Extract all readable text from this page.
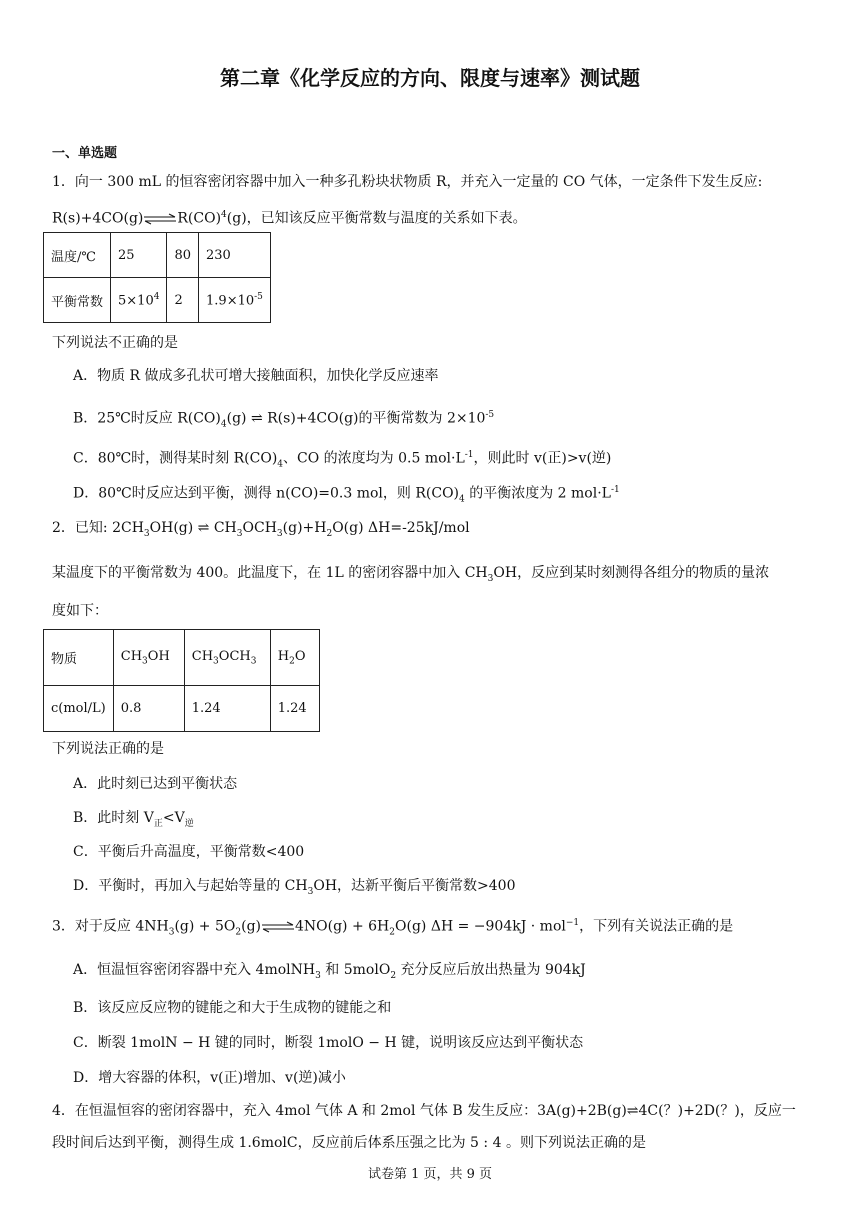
第二章《化学反应的方向、限度与速率》测试题
一、单选题
1．向一 300 mL 的恒容密闭容器中加入一种多孔粉块状物质 R，并充入一定量的 CO 气体，一定条件下发生反应:
R(s)+4CO(g)⇌R(CO)$^4$(g)，已知该反应平衡常数与温度的关系如下表。
温度/℃	25	80	230
平衡常数	$5\times 10^4$	2	$1.9\times 10^{-5}$
下列说法不正确的是
A．物质 R 做成多孔状可增大接触面积，加快化学反应速率
B．25℃时反应 $R(CO)_4(g)$ ⇌ R(s)+4CO(g)的平衡常数为 $2\times 10^{-5}$
C．80℃时，测得某时刻 $R(CO)_4$、CO 的浓度均为 0.5 $mol\cdot L^{-1}$，则此时 v(正)>v(逆)
D．80℃时反应达到平衡，测得 n(CO)=0.3 mol，则 $R(CO)_4$ 的平衡浓度为 2 $mol\cdot L^{-1}$
2．已知: $2CH_3OH(g)$ ⇌ $CH_3OCH_3(g)+H_2O(g)$ ΔH=-25kJ/mol
某温度下的平衡常数为 400。此温度下，在 1L 的密闭容器中加入 $CH_3OH$，反应到某时刻测得各组分的物质的量浓
度如下：
物质	$CH_3OH$	$CH_3OCH_3$	$H_2O$
c(mol/L)	0.8	1.24	1.24
下列说法正确的是
A．此时刻已达到平衡状态
B．此时刻 $V_正<V_逆$
C．平衡后升高温度，平衡常数<400
D．平衡时，再加入与起始等量的 $CH_3OH$，达新平衡后平衡常数>400
3．对于反应 $4NH_3(g)$ + $5O_2(g)\rightleftharpoons 4NO(g) + 6H_2O(g) \Delta H = -904kJ \cdot mol^{-1}$，下列有关说法正确的是
A．恒温恒容密闭容器中充入 4molNH$_3$ 和 5molO$_2$ 充分反应后放出热量为 904kJ
B．该反应反应物的键能之和大于生成物的键能之和
C．断裂 1molN − H 键的同时，断裂 1molO − H 键，说明该反应达到平衡状态
D．增大容器的体积，v(正)增加、v(逆)减小
4．在恒温恒容的密闭容器中，充入 4mol 气体 A 和 2mol 气体 B 发生反应：3A(g)+2B(g)⇌4C(？)+2D(？)，反应一
段时间后达到平衡，测得生成 1.6molC，反应前后体系压强之比为 5 : 4 。则下列说法正确的是
试卷第 1 页，共 9 页
